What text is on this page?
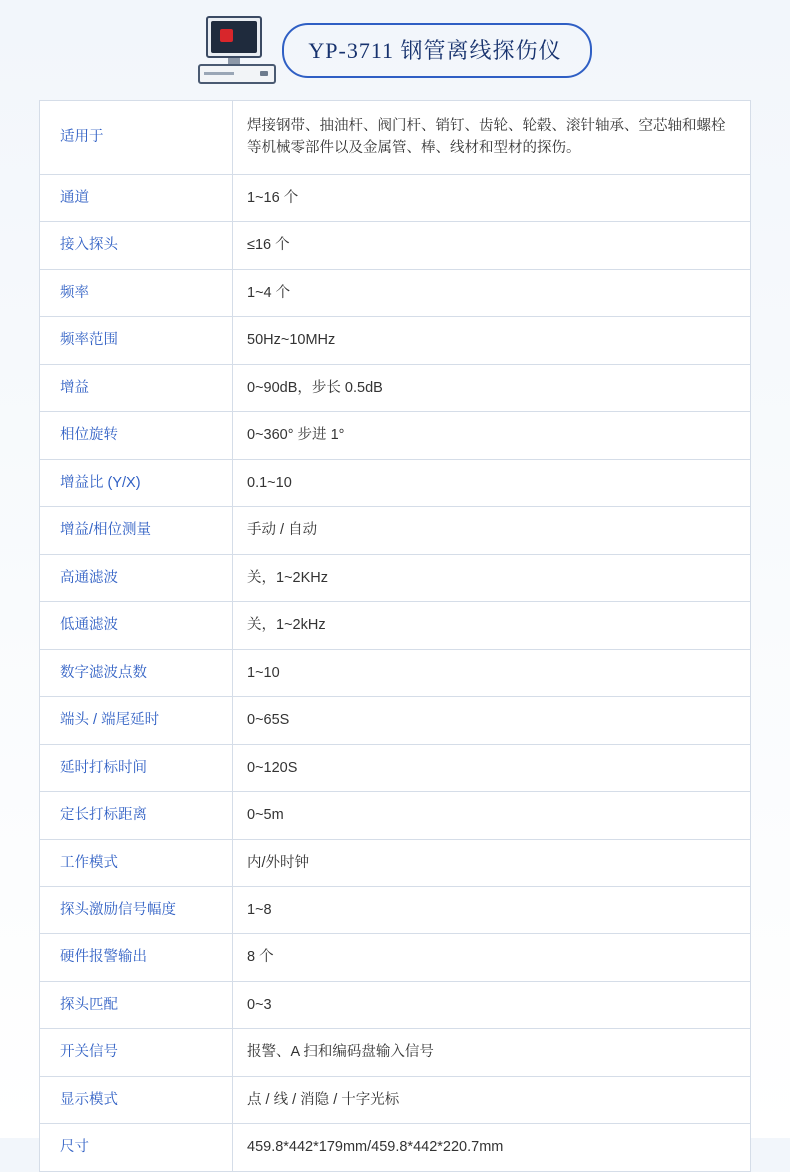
YP-3711 钢管离线探伤仪
适用于	焊接钢带、抽油杆、阀门杆、销钉、齿轮、轮毂、滚针轴承、空芯轴和螺栓等机械零部件以及金属管、棒、线材和型材的探伤。
通道	1~16 个
接入探头	≤16 个
频率	1~4 个
频率范围	50Hz~10MHz
增益	0~90dB，步长 0.5dB
相位旋转	0~360° 步进 1°
增益比 (Y/X)	0.1~10
增益/相位测量	手动 / 自动
高通滤波	关，1~2KHz
低通滤波	关，1~2kHz
数字滤波点数	1~10
端头 / 端尾延时	0~65S
延时打标时间	0~120S
定长打标距离	0~5m
工作模式	内/外时钟
探头激励信号幅度	1~8
硬件报警输出	8 个
探头匹配	0~3
开关信号	报警、A 扫和编码盘输入信号
显示模式	点 / 线 / 消隐 / 十字光标
尺寸	459.8*442*179mm/459.8*442*220.7mm
